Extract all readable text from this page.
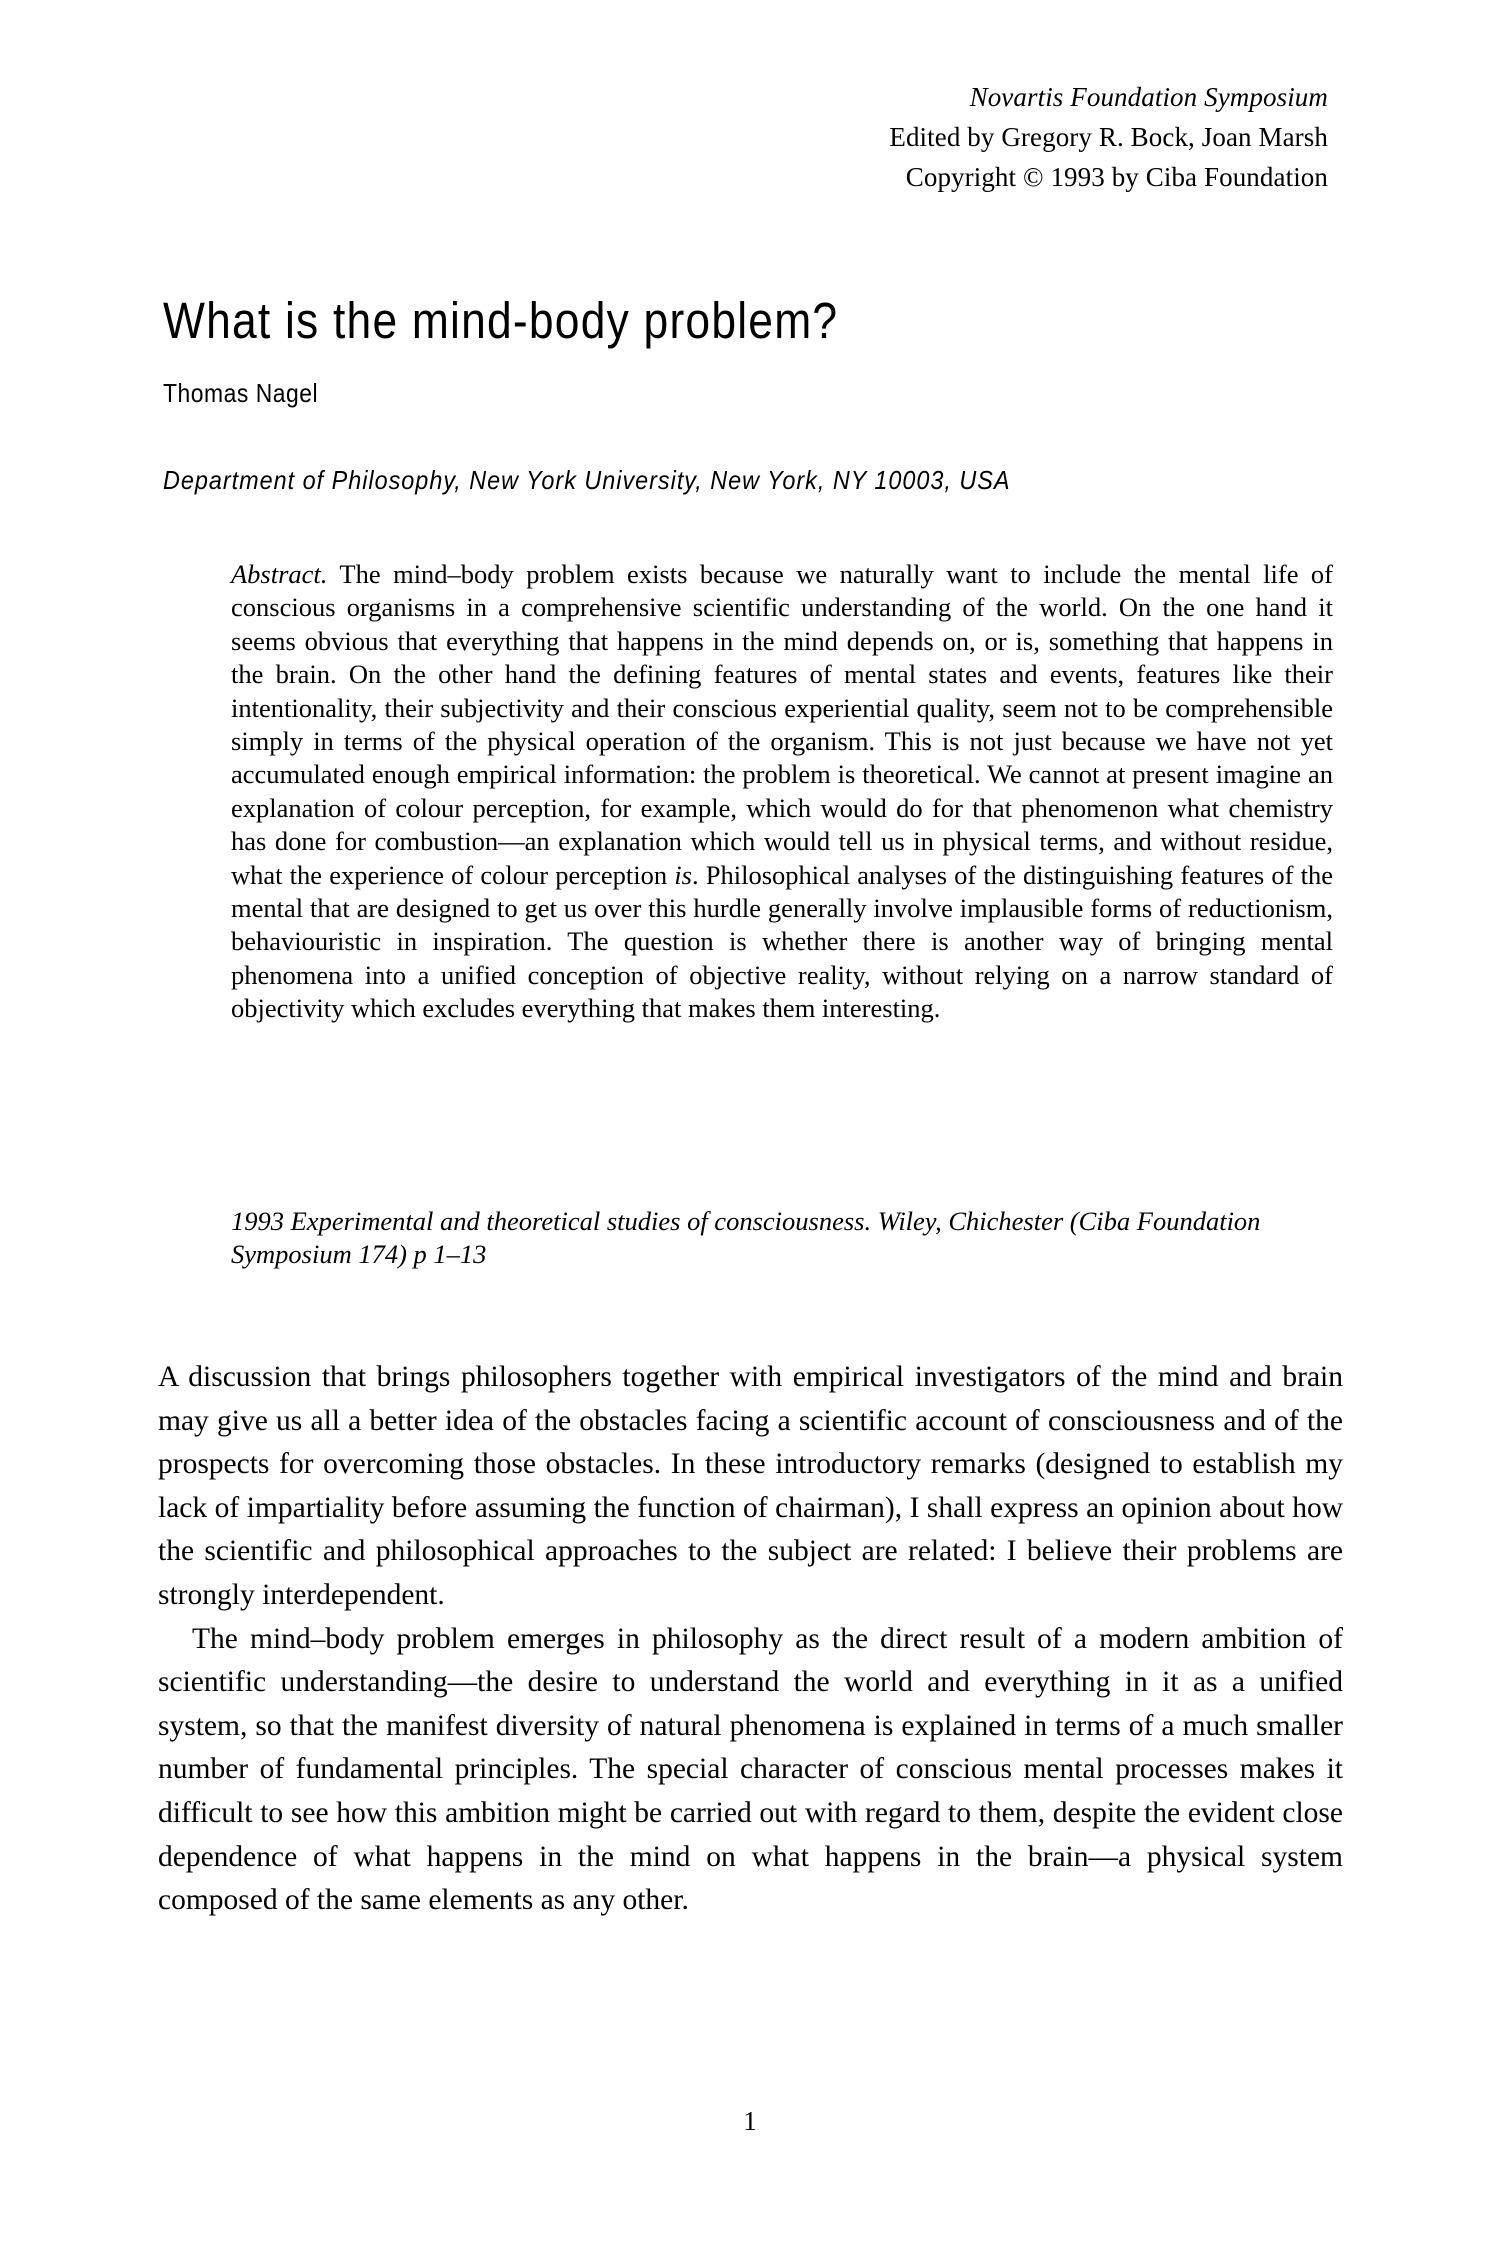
Novartis Foundation Symposium
Edited by Gregory R. Bock, Joan Marsh
Copyright © 1993 by Ciba Foundation
What is the mind-body problem?
Thomas Nagel
Department of Philosophy, New York University, New York, NY 10003, USA

Abstract. The mind–body problem exists because we naturally want to include the mental life of conscious organisms in a comprehensive scientific understanding of the world. On the one hand it seems obvious that everything that happens in the mind depends on, or is, something that happens in the brain. On the other hand the defining features of mental states and events, features like their intentionality, their subjectivity and their conscious experiential quality, seem not to be comprehensible simply in terms of the physical operation of the organism. This is not just because we have not yet accumulated enough empirical information: the problem is theoretical. We cannot at present imagine an explanation of colour perception, for example, which would do for that phenomenon what chemistry has done for combustion—an explanation which would tell us in physical terms, and without residue, what the experience of colour perception is. Philosophical analyses of the distinguishing features of the mental that are designed to get us over this hurdle generally involve implausible forms of reductionism, behaviouristic in inspiration. The question is whether there is another way of bringing mental phenomena into a unified conception of objective reality, without relying on a narrow standard of objectivity which excludes everything that makes them interesting.

1993 Experimental and theoretical studies of consciousness. Wiley, Chichester (Ciba Foundation Symposium 174) p 1–13

A discussion that brings philosophers together with empirical investigators of the mind and brain may give us all a better idea of the obstacles facing a scientific account of consciousness and of the prospects for overcoming those obstacles. In these introductory remarks (designed to establish my lack of impartiality before assuming the function of chairman), I shall express an opinion about how the scientific and philosophical approaches to the subject are related: I believe their problems are strongly interdependent.

The mind–body problem emerges in philosophy as the direct result of a modern ambition of scientific understanding—the desire to understand the world and everything in it as a unified system, so that the manifest diversity of natural phenomena is explained in terms of a much smaller number of fundamental principles. The special character of conscious mental processes makes it difficult to see how this ambition might be carried out with regard to them, despite the evident close dependence of what happens in the mind on what happens in the brain—a physical system composed of the same elements as any other.

1
